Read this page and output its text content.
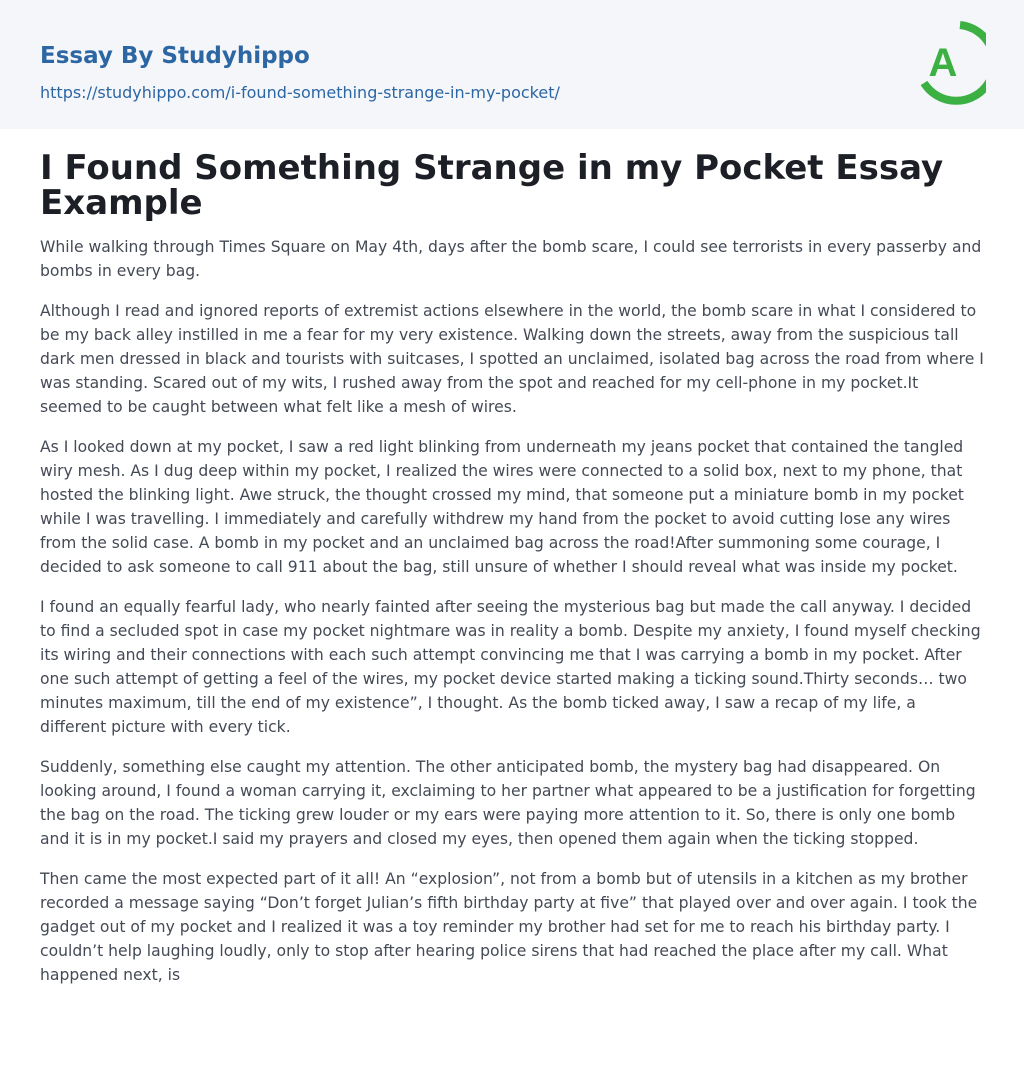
Essay By Studyhippo
https://studyhippo.com/i-found-something-strange-in-my-pocket/
A
I Found Something Strange in my Pocket Essay Example

While walking through Times Square on May 4th, days after the bomb scare, I could see terrorists in every passerby and bombs in every bag.

Although I read and ignored reports of extremist actions elsewhere in the world, the bomb scare in what I considered to be my back alley instilled in me a fear for my very existence. Walking down the streets, away from the suspicious tall dark men dressed in black and tourists with suitcases, I spotted an unclaimed, isolated bag across the road from where I was standing. Scared out of my wits, I rushed away from the spot and reached for my cell-phone in my pocket.It seemed to be caught between what felt like a mesh of wires.

As I looked down at my pocket, I saw a red light blinking from underneath my jeans pocket that contained the tangled wiry mesh. As I dug deep within my pocket, I realized the wires were connected to a solid box, next to my phone, that hosted the blinking light. Awe struck, the thought crossed my mind, that someone put a miniature bomb in my pocket while I was travelling. I immediately and carefully withdrew my hand from the pocket to avoid cutting lose any wires from the solid case. A bomb in my pocket and an unclaimed bag across the road!After summoning some courage, I decided to ask someone to call 911 about the bag, still unsure of whether I should reveal what was inside my pocket.

I found an equally fearful lady, who nearly fainted after seeing the mysterious bag but made the call anyway. I decided to find a secluded spot in case my pocket nightmare was in reality a bomb. Despite my anxiety, I found myself checking its wiring and their connections with each such attempt convincing me that I was carrying a bomb in my pocket. After one such attempt of getting a feel of the wires, my pocket device started making a ticking sound.Thirty seconds… two minutes maximum, till the end of my existence”, I thought. As the bomb ticked away, I saw a recap of my life, a different picture with every tick.

Suddenly, something else caught my attention. The other anticipated bomb, the mystery bag had disappeared. On looking around, I found a woman carrying it, exclaiming to her partner what appeared to be a justification for forgetting the bag on the road. The ticking grew louder or my ears were paying more attention to it. So, there is only one bomb and it is in my pocket.I said my prayers and closed my eyes, then opened them again when the ticking stopped.

Then came the most expected part of it all! An “explosion”, not from a bomb but of utensils in a kitchen as my brother recorded a message saying “Don’t forget Julian’s fifth birthday party at five” that played over and over again. I took the gadget out of my pocket and I realized it was a toy reminder my brother had set for me to reach his birthday party. I couldn’t help laughing loudly, only to stop after hearing police sirens that had reached the place after my call. What happened next, is
